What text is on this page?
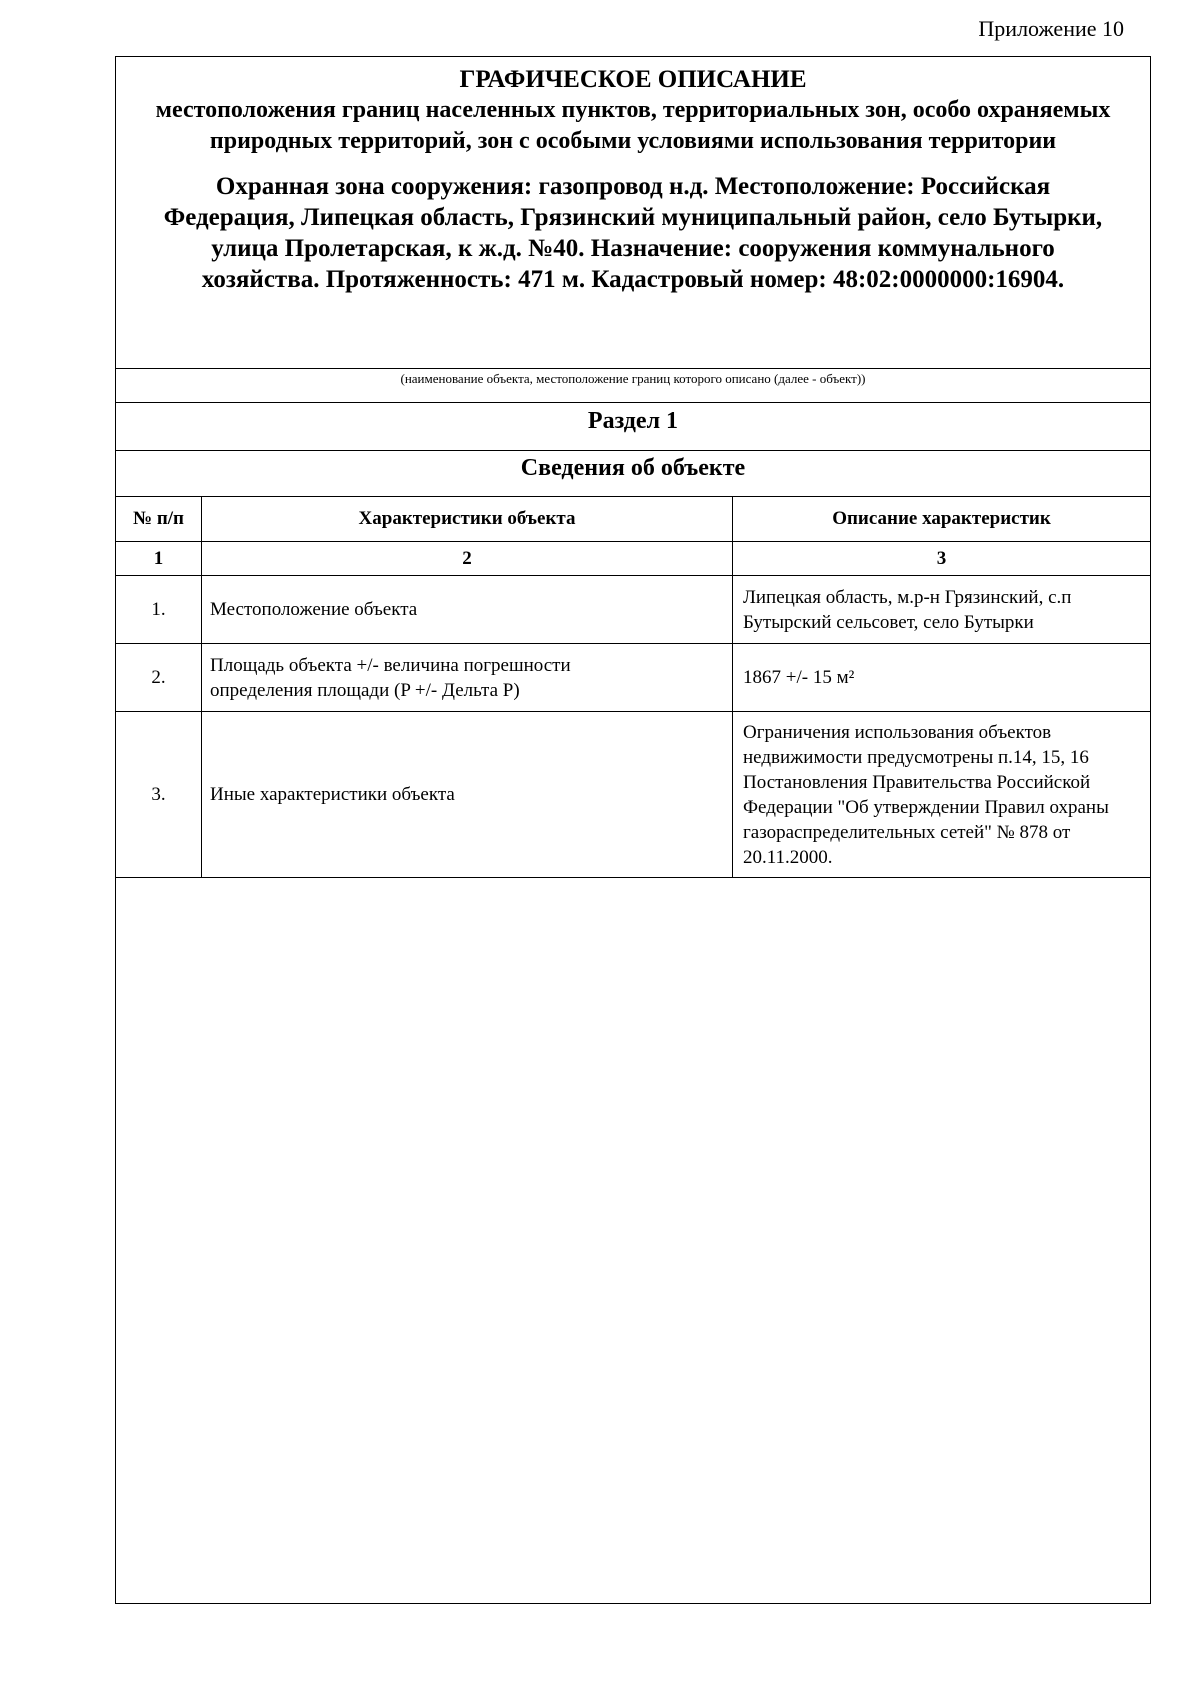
Приложение 10
ГРАФИЧЕСКОЕ ОПИСАНИЕ
местоположения границ населенных пунктов, территориальных зон, особо охраняемых природных территорий, зон с особыми условиями использования территории
Охранная зона сооружения: газопровод н.д. Местоположение: Российская Федерация, Липецкая область, Грязинский муниципальный район, село Бутырки, улица Пролетарская, к ж.д. №40. Назначение: сооружения коммунального хозяйства. Протяженность: 471 м. Кадастровый номер: 48:02:0000000:16904.
(наименование объекта, местоположение границ которого описано (далее - объект))
Раздел 1
Сведения об объекте
№ п/п	Характеристики объекта	Описание характеристик
1	2	3
1.	Местоположение объекта	Липецкая область, м.р-н Грязинский, с.п Бутырский сельсовет, село Бутырки

2.	Площадь объекта +/- величина погрешности определения площади (P +/- Дельта P)	1867 +/- 15 м²

3.	Иные характеристики объекта	Ограничения использования объектов недвижимости предусмотрены п.14, 15, 16 Постановления Правительства Российской Федерации "Об утверждении Правил охраны газораспределительных сетей" № 878 от 20.11.2000.
